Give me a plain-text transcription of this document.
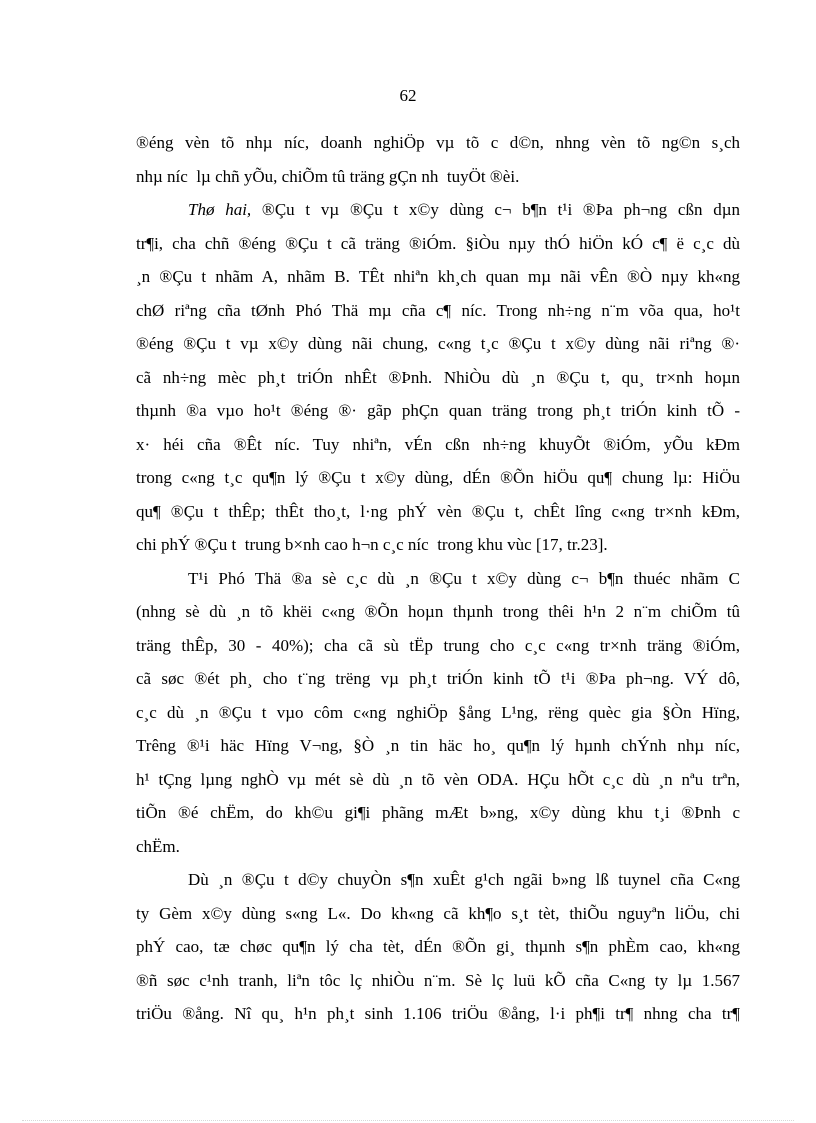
62
®éng vèn tõ nhµ níc, doanh nghiÖp vµ tõ c d©n, nhng vèn tõ ng©n s¸ch
nhµ níc  lµ chñ yÕu, chiÕm tû träng gÇn nh  tuyÖt ®èi.
Thø hai, ®Çu t vµ ®Çu t x©y dùng c¬ b¶n t¹i ®Þa ph¬ng cßn dµn
tr¶i, cha chñ ®éng ®Çu t cã träng ®iÓm. §iÒu nµy thÓ hiÖn kÓ c¶ ë c¸c dù
¸n ®Çu t nhãm A, nhãm B. TÊt nhiªn kh¸ch quan mµ nãi vÊn ®Ò nµy kh«ng
chØ riªng cña tØnh Phó Thä mµ cña c¶ níc. Trong nh÷ng n¨m võa qua, ho¹t
®éng ®Çu t vµ x©y dùng nãi chung, c«ng t¸c ®Çu t x©y dùng nãi riªng ®·
cã nh÷ng mèc ph¸t triÓn nhÊt ®Þnh. NhiÒu dù ¸n ®Çu t, qu¸ tr×nh hoµn
thµnh ®a vµo ho¹t ®éng ®· gãp phÇn quan träng trong ph¸t triÓn kinh tÕ -
x· héi cña ®Êt níc. Tuy nhiªn, vÉn cßn nh÷ng khuyÕt ®iÓm, yÕu kÐm
trong c«ng t¸c qu¶n lý ®Çu t x©y dùng, dÉn ®Õn hiÖu qu¶ chung lµ: HiÖu
qu¶ ®Çu t thÊp; thÊt tho¸t, l·ng phÝ vèn ®Çu t, chÊt lîng c«ng tr×nh kÐm,
chi phÝ ®Çu t  trung b×nh cao h¬n c¸c níc  trong khu vùc [17, tr.23].
T¹i Phó Thä ®a sè c¸c dù ¸n ®Çu t x©y dùng c¬ b¶n thuéc nhãm C
(nhng sè dù ¸n tõ khëi c«ng ®Õn hoµn thµnh trong thêi h¹n 2 n¨m chiÕm tû
träng thÊp, 30 - 40%); cha cã sù tËp trung cho c¸c c«ng tr×nh träng ®iÓm,
cã søc ®ét ph¸ cho t¨ng trëng vµ ph¸t triÓn kinh tÕ t¹i ®Þa ph¬ng. VÝ dô,
c¸c dù ¸n ®Çu t vµo côm c«ng nghiÖp §ång L¹ng, rëng quèc gia §Òn Hïng,
Trêng ®¹i häc Hïng V¬ng, §Ò ¸n tin häc ho¸ qu¶n lý hµnh chÝnh nhµ níc,
h¹ tÇng lµng nghÒ vµ mét sè dù ¸n tõ vèn ODA. HÇu hÕt c¸c dù ¸n nªu trªn,
tiÕn ®é chËm, do kh©u gi¶i phãng mÆt b»ng, x©y dùng khu t¸i ®Þnh c
chËm.
Dù ¸n ®Çu t d©y chuyÒn s¶n xuÊt g¹ch ngãi b»ng lß tuynel cña C«ng
ty Gèm x©y dùng s«ng L«. Do kh«ng cã kh¶o s¸t tèt, thiÕu nguyªn liÖu, chi
phÝ cao, tæ chøc qu¶n lý cha tèt, dÉn ®Õn gi¸ thµnh s¶n phÈm cao, kh«ng
®ñ søc c¹nh tranh, liªn tôc lç nhiÒu n¨m. Sè lç luü kÕ cña C«ng ty lµ 1.567
triÖu ®ång. Nî qu¸ h¹n ph¸t sinh 1.106 triÖu ®ång, l·i ph¶i tr¶ nhng cha tr¶
